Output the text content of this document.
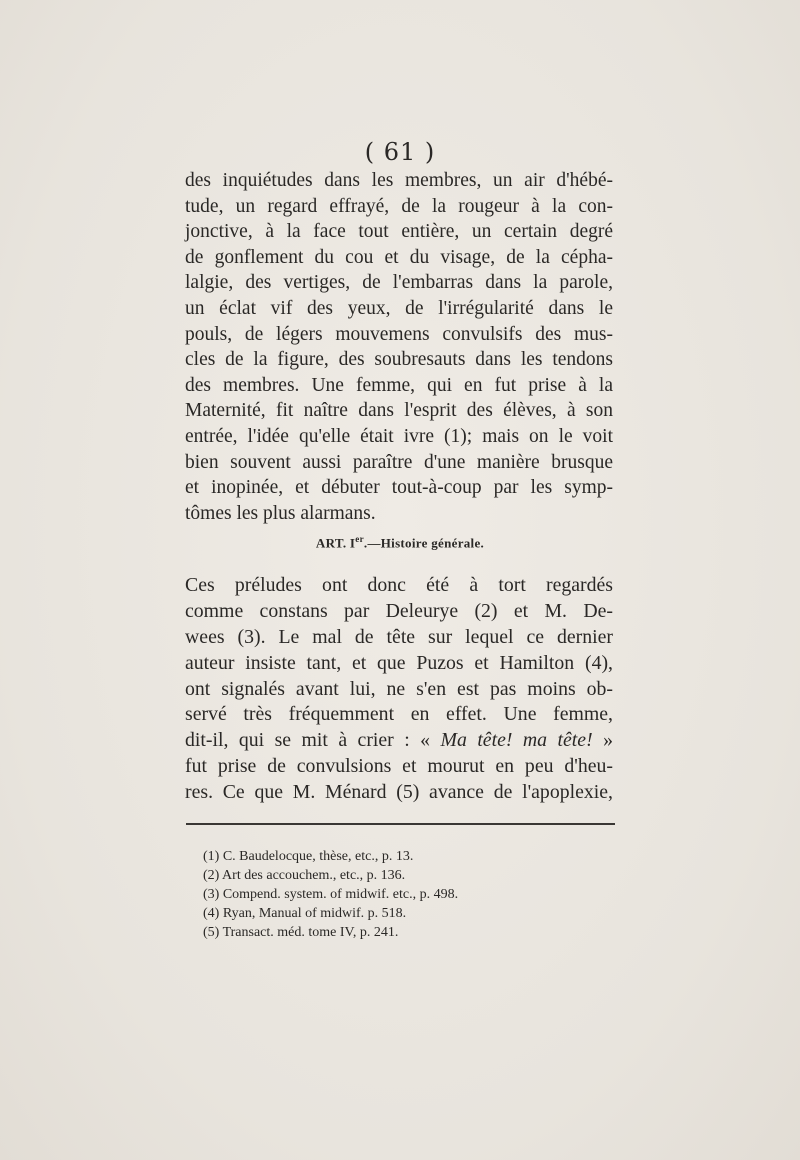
( 61 )
des inquiétudes dans les membres, un air d'hébé-
tude, un regard effrayé, de la rougeur à la con-
jonctive, à la face tout entière, un certain degré
de gonflement du cou et du visage, de la cépha-
lalgie, des vertiges, de l'embarras dans la parole,
un éclat vif des yeux, de l'irrégularité dans le
pouls, de légers mouvemens convulsifs des mus-
cles de la figure, des soubresauts dans les tendons
des membres. Une femme, qui en fut prise à la
Maternité, fit naître dans l'esprit des élèves, à son
entrée, l'idée qu'elle était ivre (1); mais on le voit
bien souvent aussi paraître d'une manière brusque
et inopinée, et débuter tout-à-coup par les symp-
tômes les plus alarmans.
ART. Ier.—Histoire générale.
Ces préludes ont donc été à tort regardés
comme constans par Deleurye (2) et M. De-
wees (3). Le mal de tête sur lequel ce dernier
auteur insiste tant, et que Puzos et Hamilton (4),
ont signalés avant lui, ne s'en est pas moins ob-
servé très fréquemment en effet. Une femme,
dit-il, qui se mit à crier : « Ma tête! ma tête! »
fut prise de convulsions et mourut en peu d'heu-
res. Ce que M. Ménard (5) avance de l'apoplexie,
(1) C. Baudelocque, thèse, etc., p. 13.
(2) Art des accouchem., etc., p. 136.
(3) Compend. system. of midwif. etc., p. 498.
(4) Ryan, Manual of midwif. p. 518.
(5) Transact. méd. tome IV, p. 241.
